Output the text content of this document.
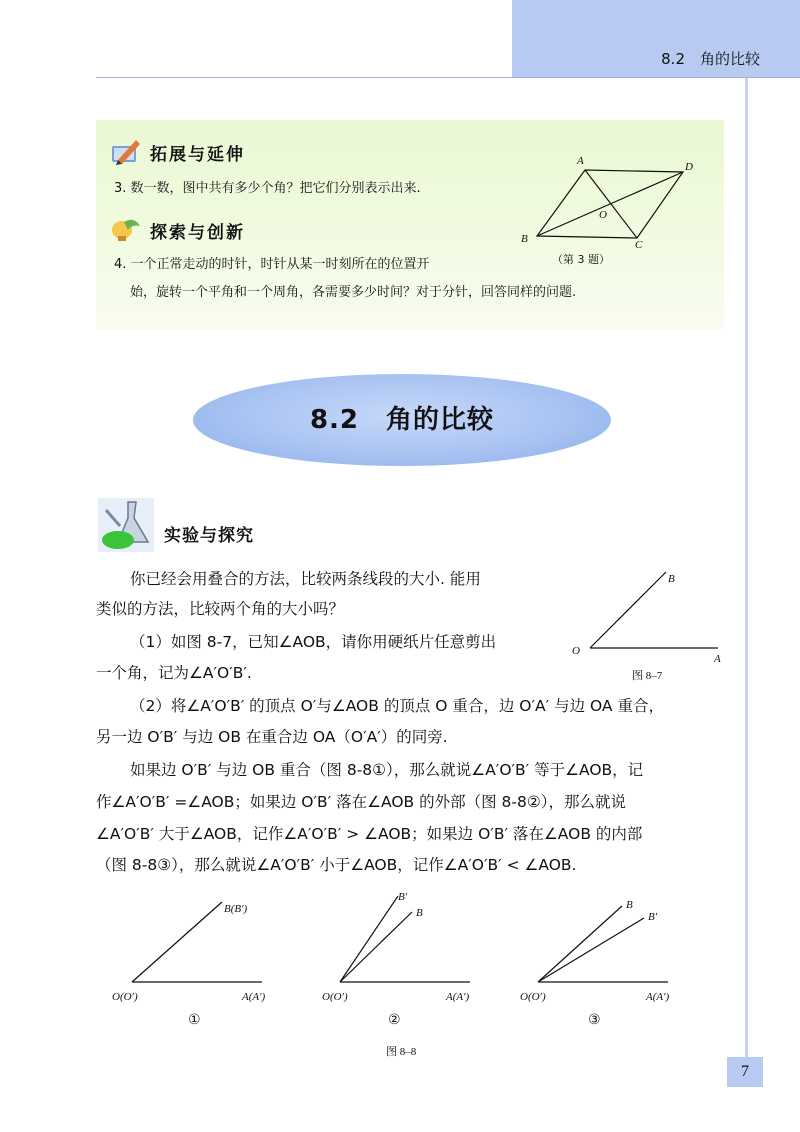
8.2　角的比较
拓展与延伸
3. 数一数，图中共有多少个角？把它们分别表示出来.
探索与创新
4. 一个正常走动的时针，时针从某一时刻所在的位置开
始，旋转一个平角和一个周角，各需要多少时间？对于分针，回答同样的问题.
A	D
O
B	C
（第 3 题）
8.2　角的比较
实验与探究
你已经会用叠合的方法，比较两条线段的大小. 能用
类似的方法，比较两个角的大小吗？
（1）如图 8-7，已知∠AOB，请你用硬纸片任意剪出
一个角，记为∠A′O′B′.
B
O
A
图 8–7
（2）将∠A′O′B′ 的顶点 O′与∠AOB 的顶点 O 重合，边 O′A′ 与边 OA 重合，
另一边 O′B′ 与边 OB 在重合边 OA（O′A′）的同旁.
如果边 O′B′ 与边 OB 重合（图 8-8①），那么就说∠A′O′B′ 等于∠AOB，记
作∠A′O′B′ =∠AOB；如果边 O′B′ 落在∠AOB 的外部（图 8-8②），那么就说
∠A′O′B′ 大于∠AOB，记作∠A′O′B′ > ∠AOB；如果边 O′B′ 落在∠AOB 的内部
（图 8-8③），那么就说∠A′O′B′ 小于∠AOB，记作∠A′O′B′ < ∠AOB.
B(B′)
O(O′)	A(A′)
①
B′
B
O(O′)	A(A′)
②
B
B′
O(O′)	A(A′)
③
图 8–8
7
